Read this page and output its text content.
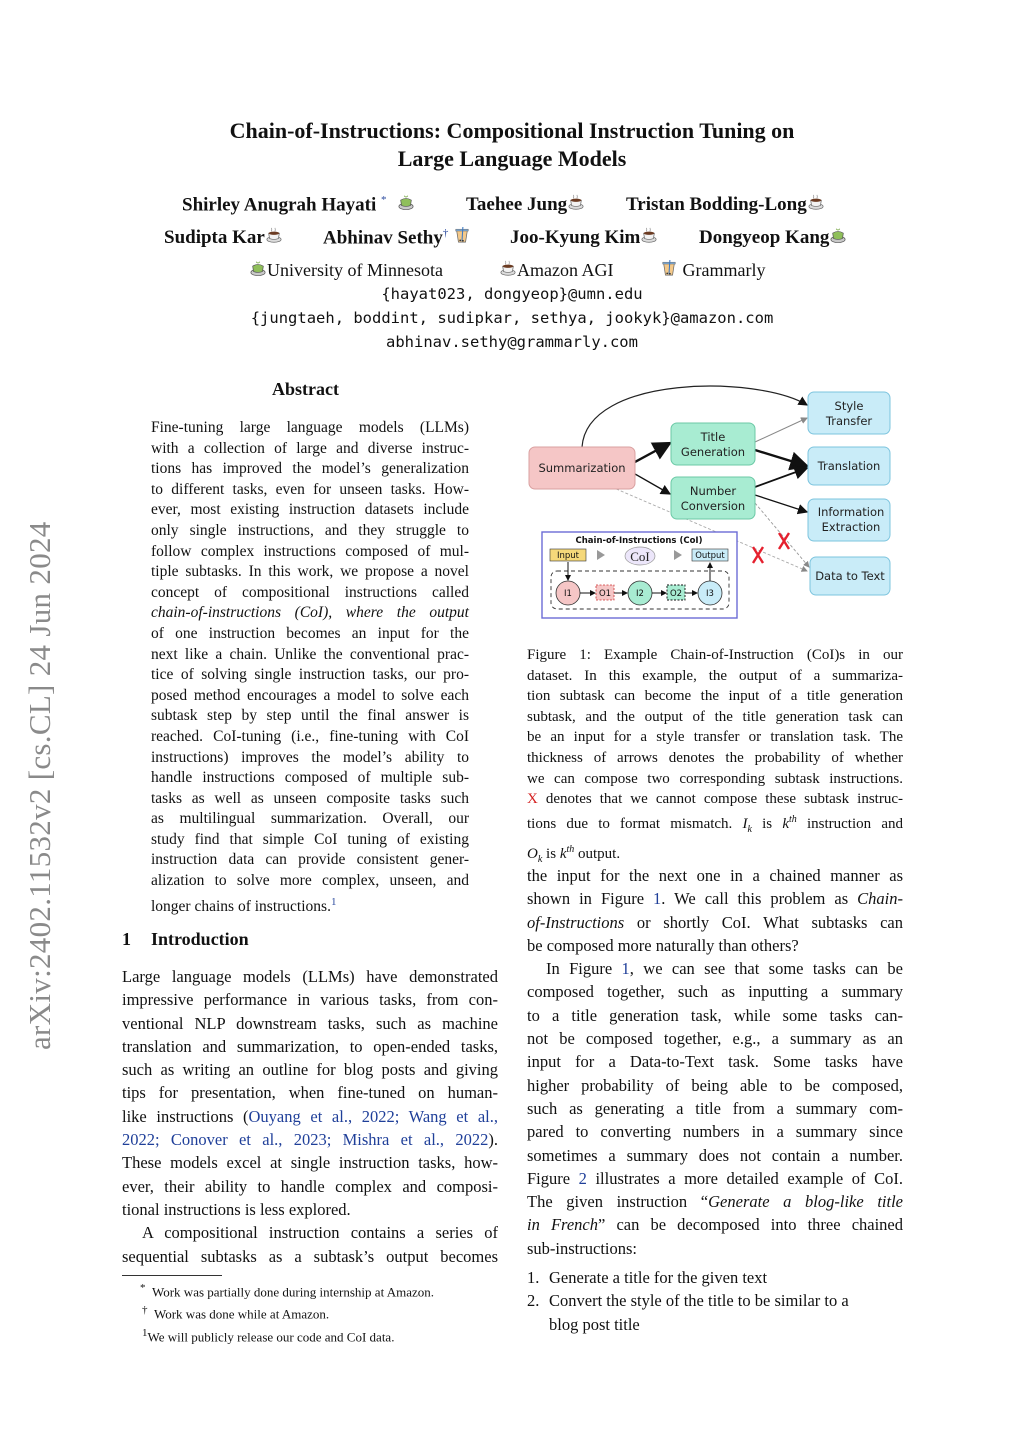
arXiv:2402.11532v2 [cs.CL] 24 Jun 2024
Chain-of-Instructions: Compositional Instruction Tuning on
Large Language Models
Shirley Anugrah Hayati *	Taehee Jung	Tristan Bodding-Long
Sudipta Kar	Abhinav Sethy†	Joo-Kyung Kim	Dongyeop Kang
University of Minnesota	Amazon AGI	Grammarly
{hayat023, dongyeop}@umn.edu
{jungtaeh, boddint, sudipkar, sethya, jookyk}@amazon.com
abhinav.sethy@grammarly.com
Abstract
Fine-tuning large language models (LLMs)
with a collection of large and diverse instruc-
tions has improved the model’s generalization
to different tasks, even for unseen tasks. How-
ever, most existing instruction datasets include
only single instructions, and they struggle to
follow complex instructions composed of mul-
tiple subtasks. In this work, we propose a novel
concept of compositional instructions called
chain-of-instructions (CoI), where the output
of one instruction becomes an input for the
next like a chain. Unlike the conventional prac-
tice of solving single instruction tasks, our pro-
posed method encourages a model to solve each
subtask step by step until the final answer is
reached. CoI-tuning (i.e., fine-tuning with CoI
instructions) improves the model’s ability to
handle instructions composed of multiple sub-
tasks as well as unseen composite tasks such
as multilingual summarization. Overall, our
study find that simple CoI tuning of existing
instruction data can provide consistent gener-
alization to solve more complex, unseen, and
longer chains of instructions.$^1$
1 Introduction
Large language models (LLMs) have demonstrated
impressive performance in various tasks, from con-
ventional NLP downstream tasks, such as machine
translation and summarization, to open-ended tasks,
such as writing an outline for blog posts and giving
tips for presentation, when fine-tuned on human-
like instructions (Ouyang et al., 2022; Wang et al.,
2022; Conover et al., 2023; Mishra et al., 2022).
These models excel at single instruction tasks, how-
ever, their ability to handle complex and composi-
tional instructions is less explored.
A compositional instruction contains a series of
sequential subtasks as a subtask’s output becomes
* Work was partially done during internship at Amazon.
† Work was done while at Amazon.
$^1$We will publicly release our code and CoI data.
Summarization
Title
Generation
Number
Conversion
Style
Transfer
Translation
Information
Extraction
Data to Text
Chain-of-Instructions (CoI)
Input	CoI	Output
I1	O1	I2	O2	I3
Figure 1: Example Chain-of-Instruction (CoI)s in our
dataset. In this example, the output of a summariza-
tion subtask can become the input of a title generation
subtask, and the output of the title generation task can
be an input for a style transfer or translation task. The
thickness of arrows denotes the probability of whether
we can compose two corresponding subtask instructions.
X denotes that we cannot compose these subtask instruc-
tions due to format mismatch. $I_k$ is $k^{th}$ instruction and
$O_k$ is $k^{th}$ output.
the input for the next one in a chained manner as
shown in Figure 1. We call this problem as Chain-
of-Instructions or shortly CoI. What subtasks can
be composed more naturally than others?
In Figure 1, we can see that some tasks can be
composed together, such as inputting a summary
to a title generation task, while some tasks can-
not be composed together, e.g., a summary as an
input for a Data-to-Text task. Some tasks have
higher probability of being able to be composed,
such as generating a title from a summary com-
pared to converting numbers in a summary since
sometimes a summary does not contain a number.
Figure 2 illustrates a more detailed example of CoI.
The given instruction “Generate a blog-like title
in French” can be decomposed into three chained
sub-instructions:
1. Generate a title for the given text
2. Convert the style of the title to be similar to a
blog post title
